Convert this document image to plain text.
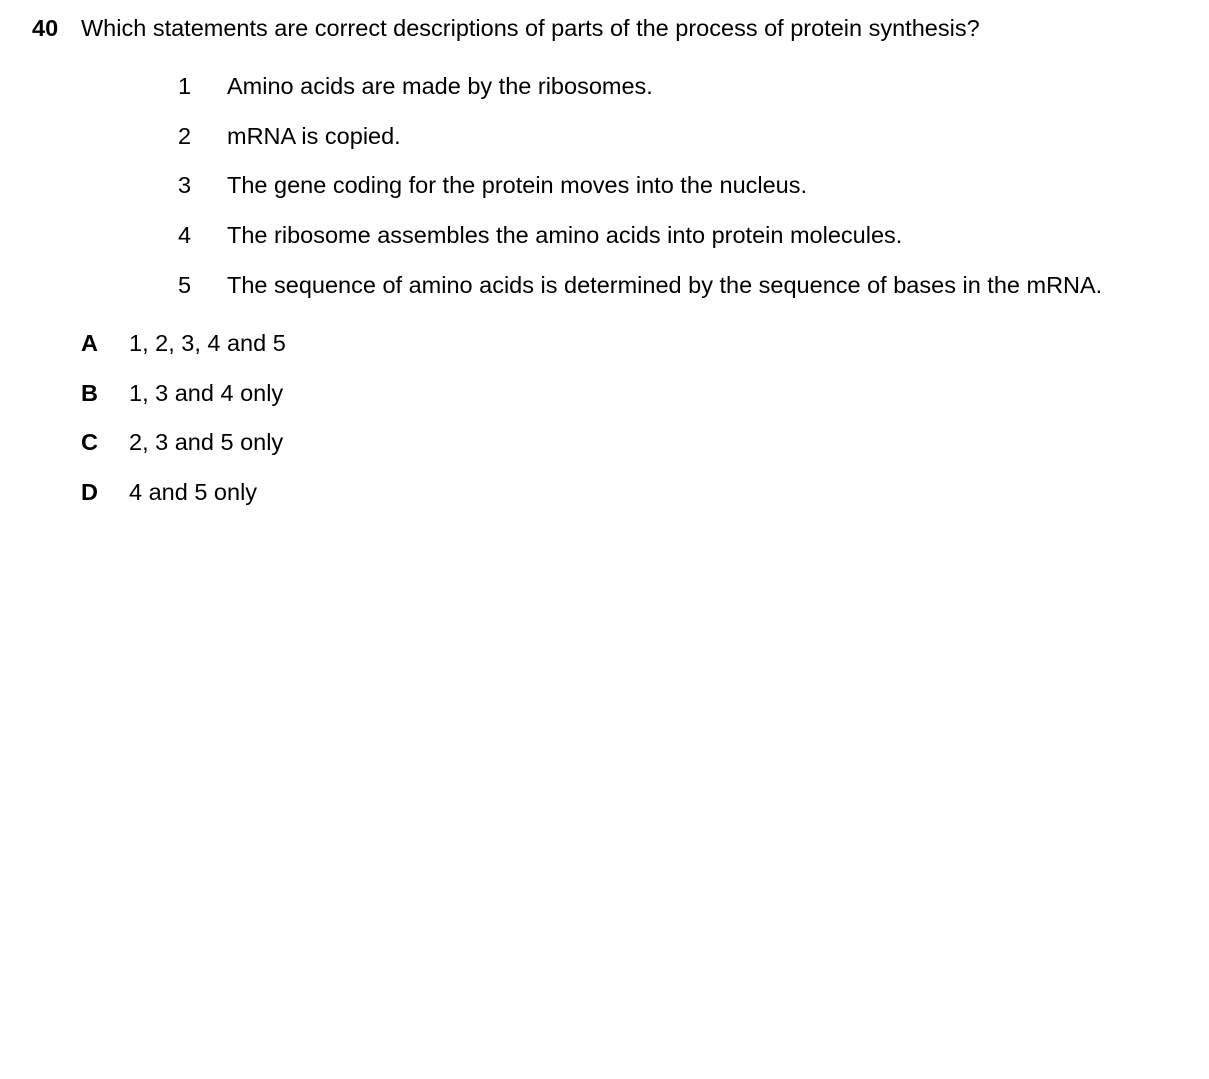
40 Which statements are correct descriptions of parts of the process of protein synthesis?
1 Amino acids are made by the ribosomes.
2 mRNA is copied.
3 The gene coding for the protein moves into the nucleus.
4 The ribosome assembles the amino acids into protein molecules.
5 The sequence of amino acids is determined by the sequence of bases in the mRNA.
A 1, 2, 3, 4 and 5
B 1, 3 and 4 only
C 2, 3 and 5 only
D 4 and 5 only
